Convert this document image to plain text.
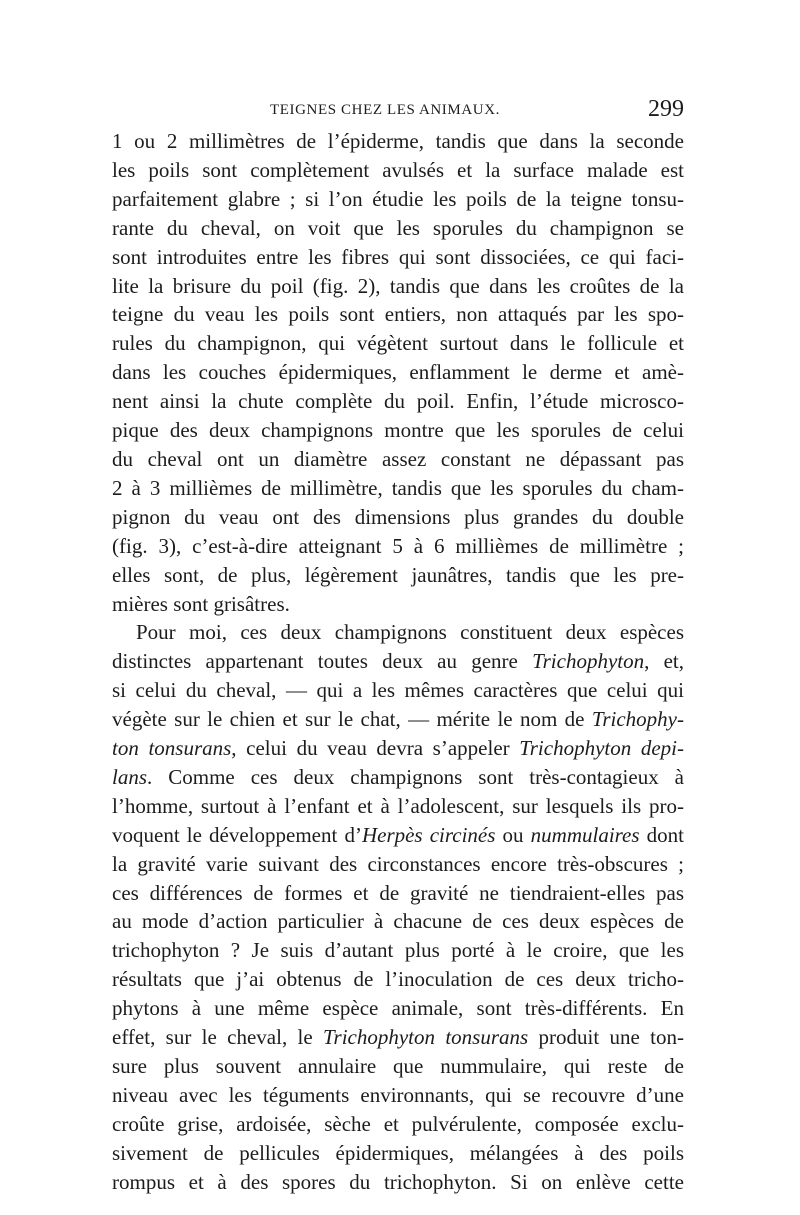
TEIGNES CHEZ LES ANIMAUX.	299
1 ou 2 millimètres de l’épiderme, tandis que dans la seconde
les poils sont complètement avulsés et la surface malade est
parfaitement glabre ; si l’on étudie les poils de la teigne tonsu-
rante du cheval, on voit que les sporules du champignon se
sont introduites entre les fibres qui sont dissociées, ce qui faci-
lite la brisure du poil (fig. 2), tandis que dans les croûtes de la
teigne du veau les poils sont entiers, non attaqués par les spo-
rules du champignon, qui végètent surtout dans le follicule et
dans les couches épidermiques, enflamment le derme et amè-
nent ainsi la chute complète du poil. Enfin, l’étude microsco-
pique des deux champignons montre que les sporules de celui
du cheval ont un diamètre assez constant ne dépassant pas
2 à 3 millièmes de millimètre, tandis que les sporules du cham-
pignon du veau ont des dimensions plus grandes du double
(fig. 3), c’est-à-dire atteignant 5 à 6 millièmes de millimètre ;
elles sont, de plus, légèrement jaunâtres, tandis que les pre-
mières sont grisâtres.
Pour moi, ces deux champignons constituent deux espèces
distinctes appartenant toutes deux au genre Trichophyton, et,
si celui du cheval, — qui a les mêmes caractères que celui qui
végète sur le chien et sur le chat, — mérite le nom de Trichophy-
ton tonsurans, celui du veau devra s’appeler Trichophyton depi-
lans. Comme ces deux champignons sont très-contagieux à
l’homme, surtout à l’enfant et à l’adolescent, sur lesquels ils pro-
voquent le développement d’Herpès circinés ou nummulaires dont
la gravité varie suivant des circonstances encore très-obscures ;
ces différences de formes et de gravité ne tiendraient-elles pas
au mode d’action particulier à chacune de ces deux espèces de
trichophyton ? Je suis d’autant plus porté à le croire, que les
résultats que j’ai obtenus de l’inoculation de ces deux tricho-
phytons à une même espèce animale, sont très-différents. En
effet, sur le cheval, le Trichophyton tonsurans produit une ton-
sure plus souvent annulaire que nummulaire, qui reste de
niveau avec les téguments environnants, qui se recouvre d’une
croûte grise, ardoisée, sèche et pulvérulente, composée exclu-
sivement de pellicules épidermiques, mélangées à des poils
rompus et à des spores du trichophyton. Si on enlève cette
